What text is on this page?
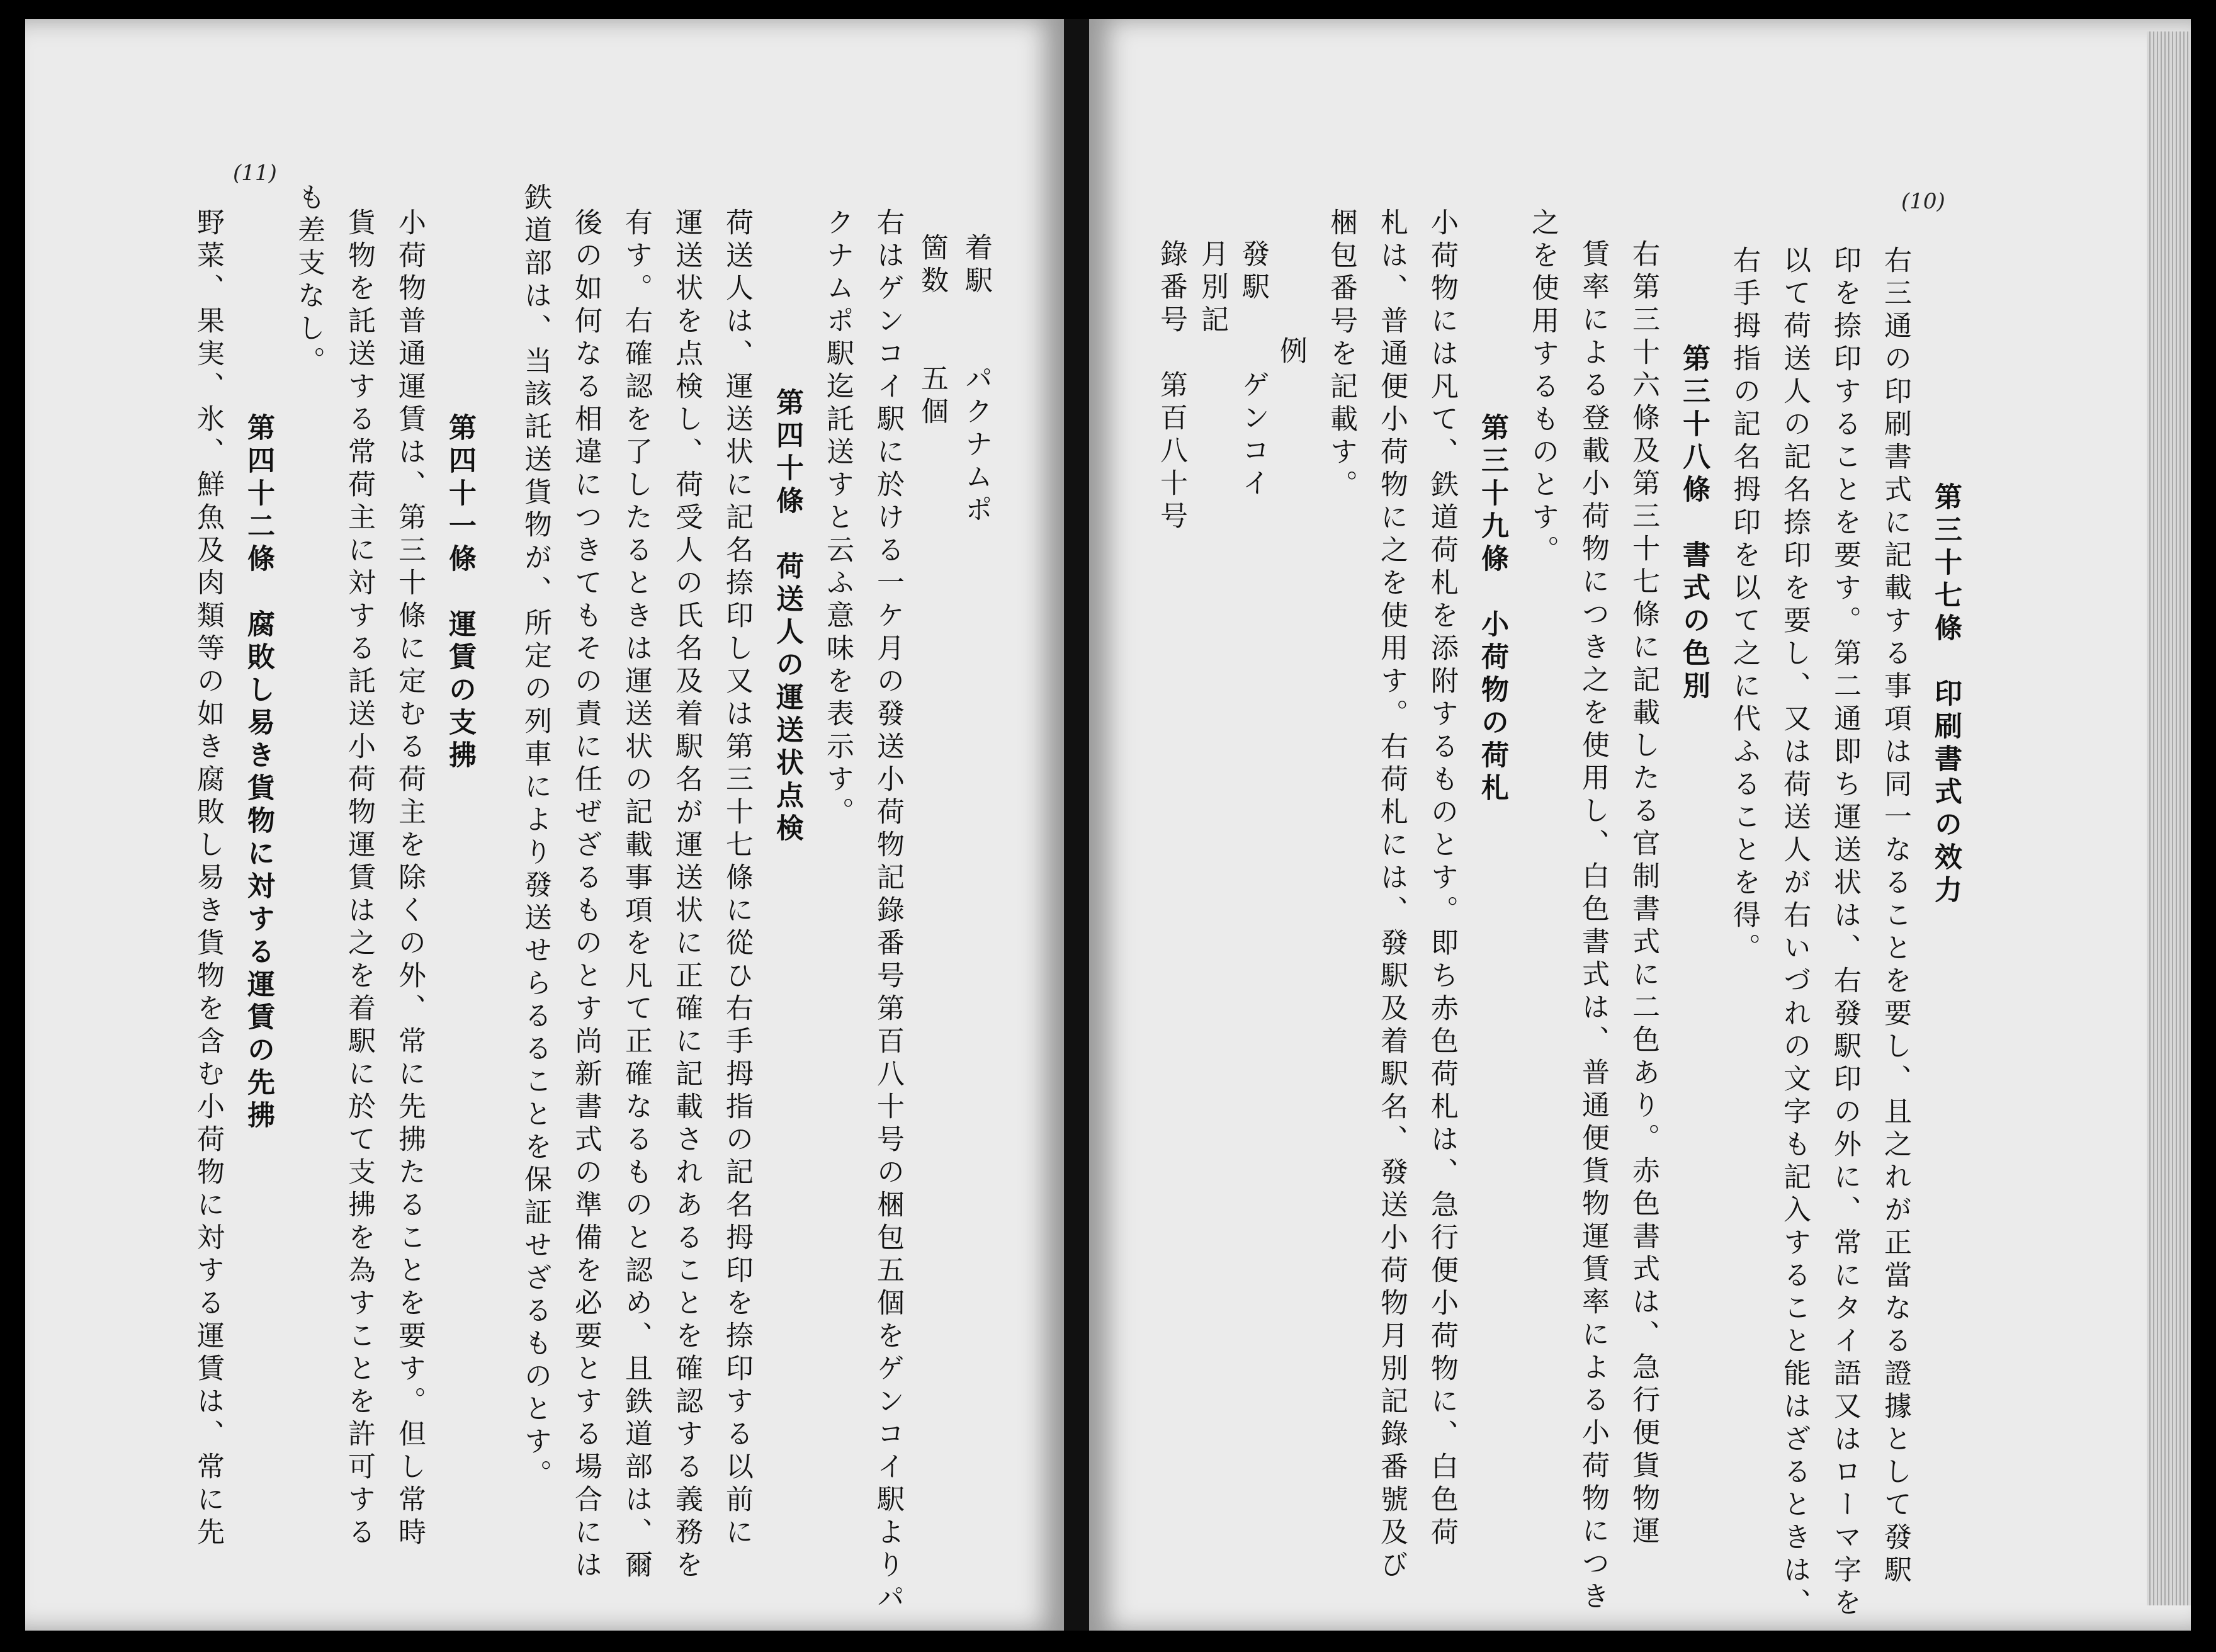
(10)
(11)
　　　第三十七條　印刷書式の效力
右三通の印刷書式に記載する事項は同一なることを要し、且之れが正當なる證據として發駅
印を捺印することを要す。第二通即ち運送状は、右發駅印の外に、常にタイ語又はローマ字を
以て荷送人の記名捺印を要し、又は荷送人が右いづれの文字も記入すること能はざるときは、
右手拇指の記名拇印を以て之に代ふることを得。
　　　第三十八條　書式の色別
右第三十六條及第三十七條に記載したる官制書式に二色あり。赤色書式は、急行便貨物運
賃率による登載小荷物につき之を使用し、白色書式は、普通便貨物運賃率による小荷物につき
之を使用するものとす。
　　　第三十九條　小荷物の荷札
小荷物には凡て、鉄道荷札を添附するものとす。即ち赤色荷札は、急行便小荷物に、白色荷
札は、普通便小荷物に之を使用す。右荷札には、發駅及着駅名、發送小荷物月別記錄番號及び
梱包番号を記載す。
　　例
發駅　　ゲンコイ
月別記
錄番号　第百八十号
着駅　　パクナムポ
箇数　　五個
右はゲンコイ駅に於ける一ケ月の發送小荷物記錄番号第百八十号の梱包五個をゲンコイ駅よりパ
クナムポ駅迄託送すと云ふ意味を表示す。
　　　第四十條　荷送人の運送状点検
荷送人は、運送状に記名捺印し又は第三十七條に從ひ右手拇指の記名拇印を捺印する以前に
運送状を点検し、荷受人の氏名及着駅名が運送状に正確に記載されあることを確認する義務を
有す。右確認を了したるときは運送状の記載事項を凡て正確なるものと認め、且鉄道部は、爾
後の如何なる相違につきてもその責に任ぜざるものとす尚新書式の準備を必要とする場合には
鉄道部は、当該託送貨物が、所定の列車により發送せらるることを保証せざるものとす。
　　　第四十一條　運賃の支拂
小荷物普通運賃は、第三十條に定むる荷主を除くの外、常に先拂たることを要す。但し常時
貨物を託送する常荷主に対する託送小荷物運賃は之を着駅に於て支拂を為すことを許可する
も差支なし。
　　　第四十二條　腐敗し易き貨物に対する運賃の先拂
野菜、果実、氷、鮮魚及肉類等の如き腐敗し易き貨物を含む小荷物に対する運賃は、常に先
